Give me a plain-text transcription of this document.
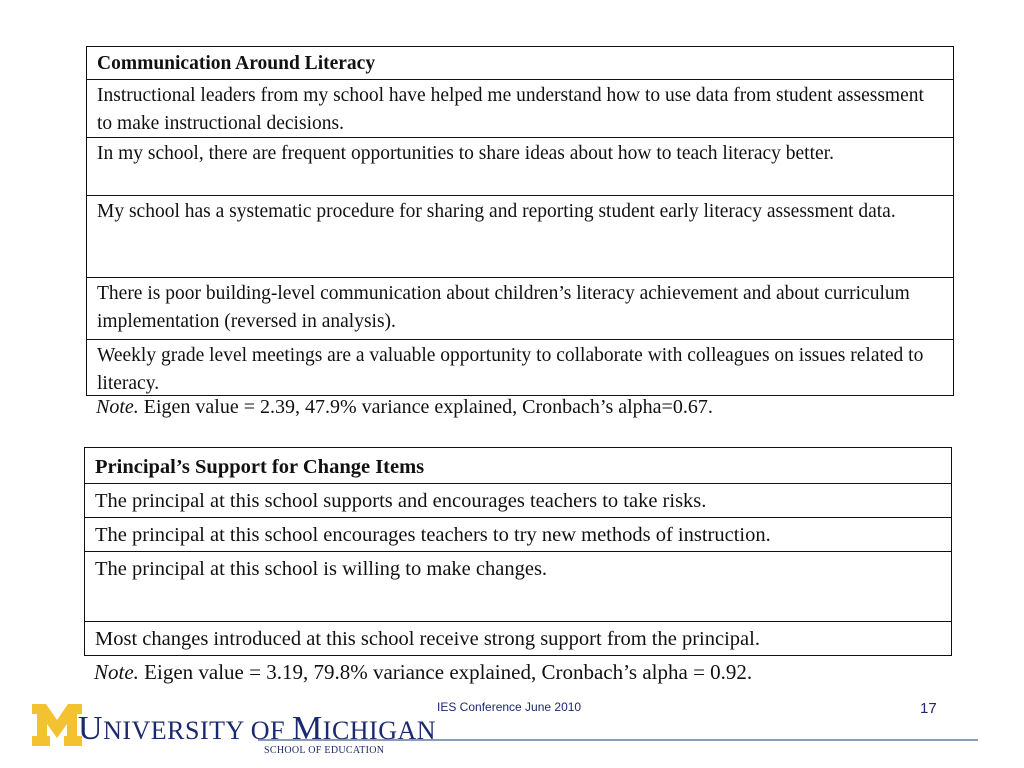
Communication Around Literacy
Instructional leaders from my school have helped me understand how to use data from student assessment to make instructional decisions.
In my school, there are frequent opportunities to share ideas about how to teach literacy better.
My school has a systematic procedure for sharing and reporting student early literacy assessment data.
There is poor building-level communication about children’s literacy achievement and about curriculum implementation (reversed in analysis).
Weekly grade level meetings are a valuable opportunity to collaborate with colleagues on issues related to literacy.
Note. Eigen value = 2.39, 47.9% variance explained, Cronbach’s alpha=0.67.
Principal’s Support for Change Items
The principal at this school supports and encourages teachers to take risks.
The principal at this school encourages teachers to try new methods of instruction.
The principal at this school is willing to make changes.
Most changes introduced at this school receive strong support from the principal.
Note. Eigen value = 3.19, 79.8% variance explained, Cronbach’s alpha = 0.92.
IES Conference June 2010	17
UNIVERSITY OF MICHIGAN
SCHOOL OF EDUCATION
